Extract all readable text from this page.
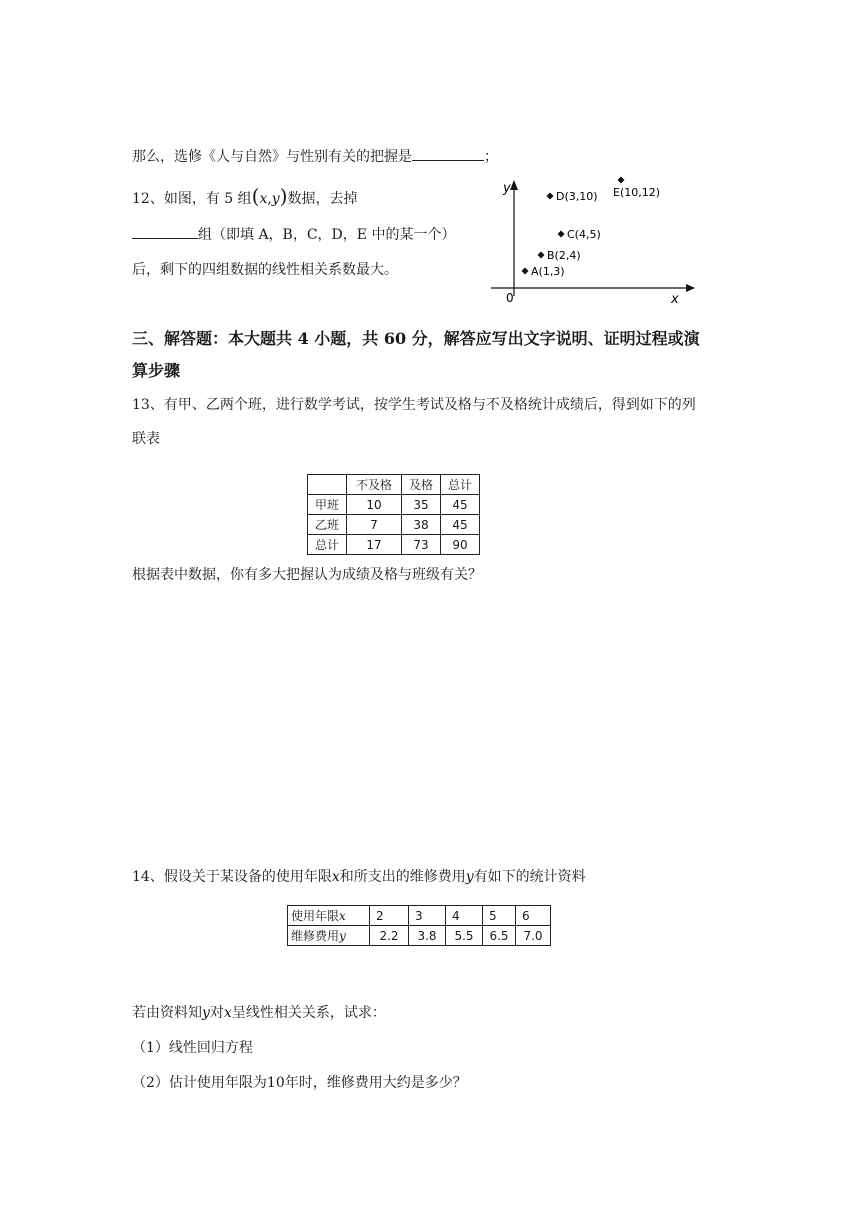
那么，选修《人与自然》与性别有关的把握是	；
12、如图，有 5 组(x,y)数据，去掉
组（即填 A，B，C，D，E 中的某一个）
后，剩下的四组数据的线性相关系数最大。
y
x
0
A(1,3)
B(2,4)
C(4,5)
D(3,10) E(10,12)
三、解答题：本大题共 4 小题，共 60 分，解答应写出文字说明、证明过程或演
算步骤
13、有甲、乙两个班，进行数学考试，按学生考试及格与不及格统计成绩后，得到如下的列
联表
	不及格	及格	总计
甲班	10	35	45
乙班	7	38	45
总计	17	73	90
根据表中数据，你有多大把握认为成绩及格与班级有关？
14、假设关于某设备的使用年限x和所支出的维修费用y有如下的统计资料
使用年限x	2	3	4	5	6
维修费用y	2.2	3.8	5.5	6.5	7.0
若由资料知y对x呈线性相关关系，试求：
（1）线性回归方程
（2）估计使用年限为10年时，维修费用大约是多少？
